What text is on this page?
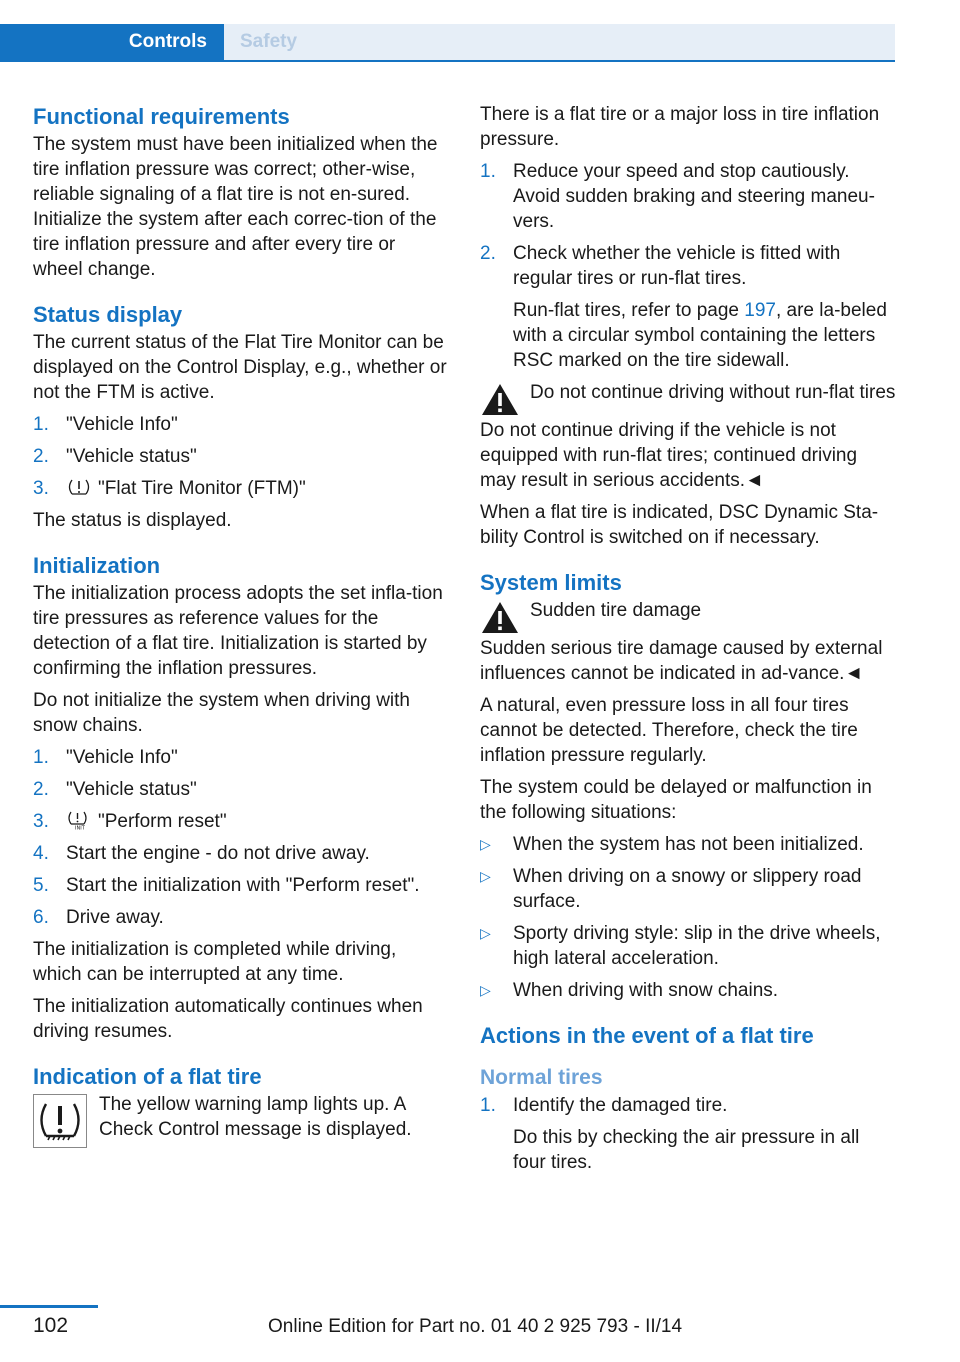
Controls	Safety
Functional requirements

The system must have been initialized when the tire inflation pressure was correct; other-wise, reliable signaling of a flat tire is not en-sured. Initialize the system after each correc-tion of the tire inflation pressure and after every tire or wheel change.

Status display

The current status of the Flat Tire Monitor can be displayed on the Control Display, e.g., whether or not the FTM is active.

1. "Vehicle Info"
2. "Vehicle status"
3.	"Flat Tire Monitor (FTM)"

The status is displayed.

Initialization

The initialization process adopts the set infla-tion tire pressures as reference values for the detection of a flat tire. Initialization is started by confirming the inflation pressures.

Do not initialize the system when driving with snow chains.

1. "Vehicle Info"
2. "Vehicle status"
3.	INIT "Perform reset"
4. Start the engine - do not drive away.
5. Start the initialization with "Perform reset".
6. Drive away.

The initialization is completed while driving, which can be interrupted at any time.

The initialization automatically continues when driving resumes.

Indication of a flat tire

The yellow warning lamp lights up. A Check Control message is displayed.

There is a flat tire or a major loss in tire inflation pressure.

1. Reduce your speed and stop cautiously. Avoid sudden braking and steering maneu-vers.
2. Check whether the vehicle is fitted with regular tires or run-flat tires.

Run-flat tires, refer to page 197, are la-beled with a circular symbol containing the letters RSC marked on the tire sidewall.

Do not continue driving without run-flat tires

Do not continue driving if the vehicle is not equipped with run-flat tires; continued driving may result in serious accidents.◄

When a flat tire is indicated, DSC Dynamic Sta-bility Control is switched on if necessary.

System limits

Sudden tire damage

Sudden serious tire damage caused by external influences cannot be indicated in ad-vance.◄

A natural, even pressure loss in all four tires cannot be detected. Therefore, check the tire inflation pressure regularly.

The system could be delayed or malfunction in the following situations:

▷	When the system has not been initialized.
▷	When driving on a snowy or slippery road surface.
▷	Sporty driving style: slip in the drive wheels, high lateral acceleration.
▷	When driving with snow chains.
Actions in the event of a flat tire
Normal tires
1. Identify the damaged tire.

Do this by checking the air pressure in all four tires.

102	Online Edition for Part no. 01 40 2 925 793 - II/14
